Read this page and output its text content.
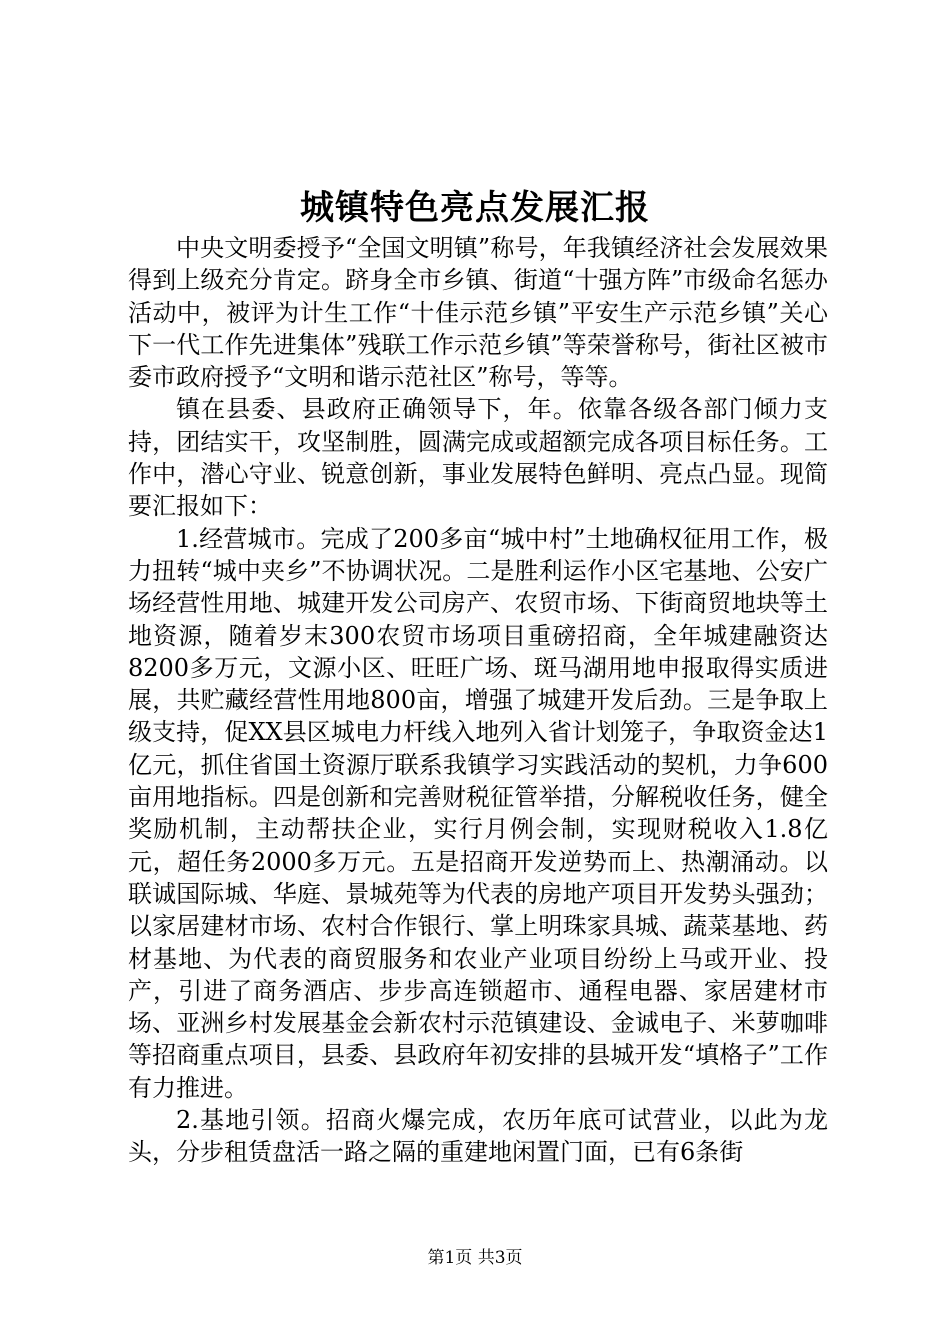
城镇特色亮点发展汇报

中央文明委授予“全国文明镇”称号，年我镇经济社会发展效果得到上级充分肯定。跻身全市乡镇、街道“十强方阵”市级命名惩办活动中，被评为计生工作“十佳示范乡镇”平安生产示范乡镇”关心下一代工作先进集体”残联工作示范乡镇”等荣誉称号，街社区被市委市政府授予“文明和谐示范社区”称号，等等。

镇在县委、县政府正确领导下，年。依靠各级各部门倾力支持，团结实干，攻坚制胜，圆满完成或超额完成各项目标任务。工作中，潜心守业、锐意创新，事业发展特色鲜明、亮点凸显。现简要汇报如下：

1.经营城市。完成了200多亩“城中村”土地确权征用工作，极力扭转“城中夹乡”不协调状况。二是胜利运作小区宅基地、公安广场经营性用地、城建开发公司房产、农贸市场、下街商贸地块等土地资源，随着岁末300农贸市场项目重磅招商，全年城建融资达8200多万元，文源小区、旺旺广场、斑马湖用地申报取得实质进展，共贮藏经营性用地800亩，增强了城建开发后劲。三是争取上级支持，促XX县区城电力杆线入地列入省计划笼子，争取资金达1亿元，抓住省国土资源厅联系我镇学习实践活动的契机，力争600亩用地指标。四是创新和完善财税征管举措，分解税收任务，健全奖励机制，主动帮扶企业，实行月例会制，实现财税收入1.8亿元，超任务2000多万元。五是招商开发逆势而上、热潮涌动。以联诚国际城、华庭、景城苑等为代表的房地产项目开发势头强劲；以家居建材市场、农村合作银行、掌上明珠家具城、蔬菜基地、药材基地、为代表的商贸服务和农业产业项目纷纷上马或开业、投产，引进了商务酒店、步步高连锁超市、通程电器、家居建材市场、亚洲乡村发展基金会新农村示范镇建设、金诚电子、米萝咖啡等招商重点项目，县委、县政府年初安排的县城开发“填格子”工作有力推进。

2.基地引领。招商火爆完成，农历年底可试营业，以此为龙头，分步租赁盘活一路之隔的重建地闲置门面，已有6条街

第1页 共3页
